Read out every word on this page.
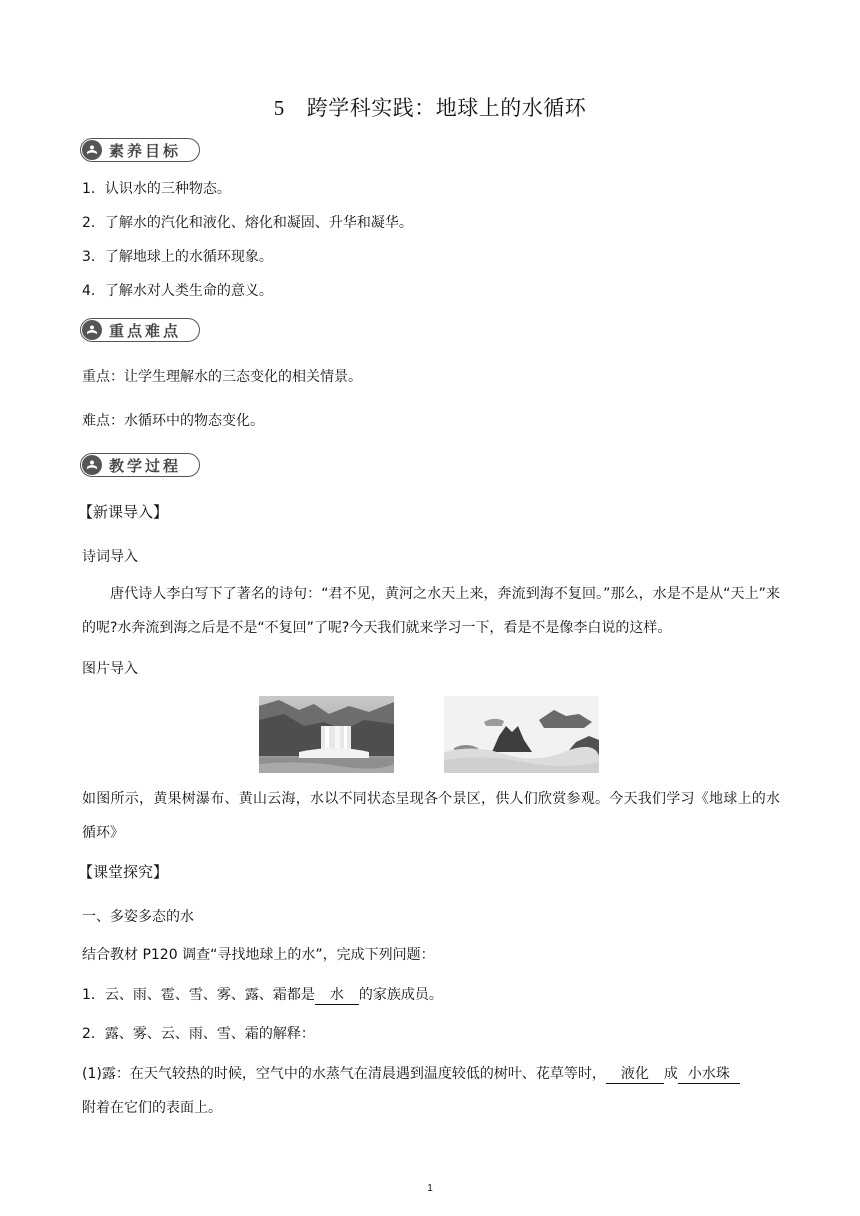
5 跨学科实践：地球上的水循环
素养目标
1．认识水的三种物态。
2．了解水的汽化和液化、熔化和凝固、升华和凝华。
3．了解地球上的水循环现象。
4．了解水对人类生命的意义。
重点难点
重点：让学生理解水的三态变化的相关情景。
难点：水循环中的物态变化。
教学过程
【新课导入】
诗词导入
唐代诗人李白写下了著名的诗句：“君不见，黄河之水天上来，奔流到海不复回。”那么，水是不是从“天上”来的呢?水奔流到海之后是不是“不复回”了呢?今天我们就来学习一下，看是不是像李白说的这样。
图片导入
如图所示，黄果树瀑布、黄山云海，水以不同状态呈现各个景区，供人们欣赏参观。今天我们学习《地球上的水循环》
【课堂探究】
一、多姿多态的水
结合教材 P120 调查“寻找地球上的水”，完成下列问题：
1．云、雨、雹、雪、雾、露、霜都是 水 的家族成员。
2．露、雾、云、雨、雪、霜的解释：
(1)露：在天气较热的时候，空气中的水蒸气在清晨遇到温度较低的树叶、花草等时， 液化 成 小水珠
附着在它们的表面上。
1
